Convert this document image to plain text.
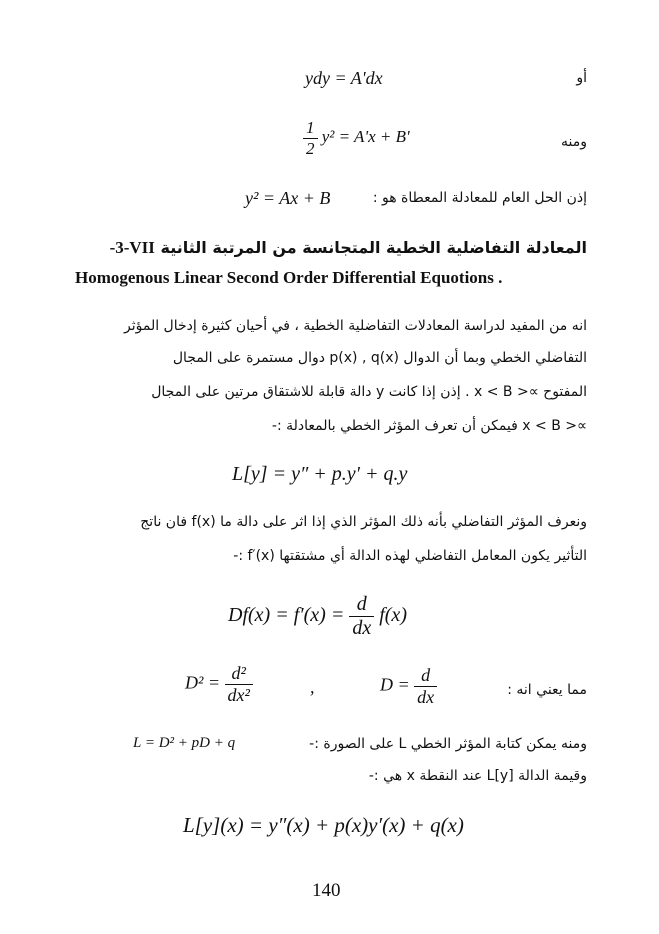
ydy = A'dx	أو
$\frac{1}{2} y^2 = A'x + B'$	ومنه
y² = Ax + B	إذن الحل العام للمعادلة المعطاة هو :
المعادلة التفاضلية الخطية المتجانسة من المرتبة الثانية -3-VII
Homogenous Linear Second Order Differential Equotions .
انه من المفيد لدراسة المعادلات التفاضلية الخطية ، في أحيان كثيرة إدخال المؤثر
التفاضلي الخطي وبما أن الدوال p(x) , q(x) دوال مستمرة على المجال
المفتوح ∝< x < B . إذن إذا كانت y دالة قابلة للاشتقاق مرتين على المجال
∝< x < B فيمكن أن تعرف المؤثر الخطي بالمعادلة :-
L[y] = y″ + p.y′ + q.y
ونعرف المؤثر التفاضلي بأنه ذلك المؤثر الذي إذا اثر على دالة ما f(x) فان ناتج
التأثير يكون المعامل التفاضلي لهذه الدالة أي مشتقتها f′(x) :-
$Df(x) = f'(x) = \frac{d}{dx} f(x)$
مما يعني انه :
$D = \frac{d}{dx}$
,
$D^2 = \frac{\text{d²}}{\text{dx²}}$
ومنه يمكن كتابة المؤثر الخطي L على الصورة :-
L = D² + pD + q
وقيمة الدالة L[y] عند النقطة x هي :-
L[y](x) = y″(x) + p(x)y′(x) + q(x)
140
